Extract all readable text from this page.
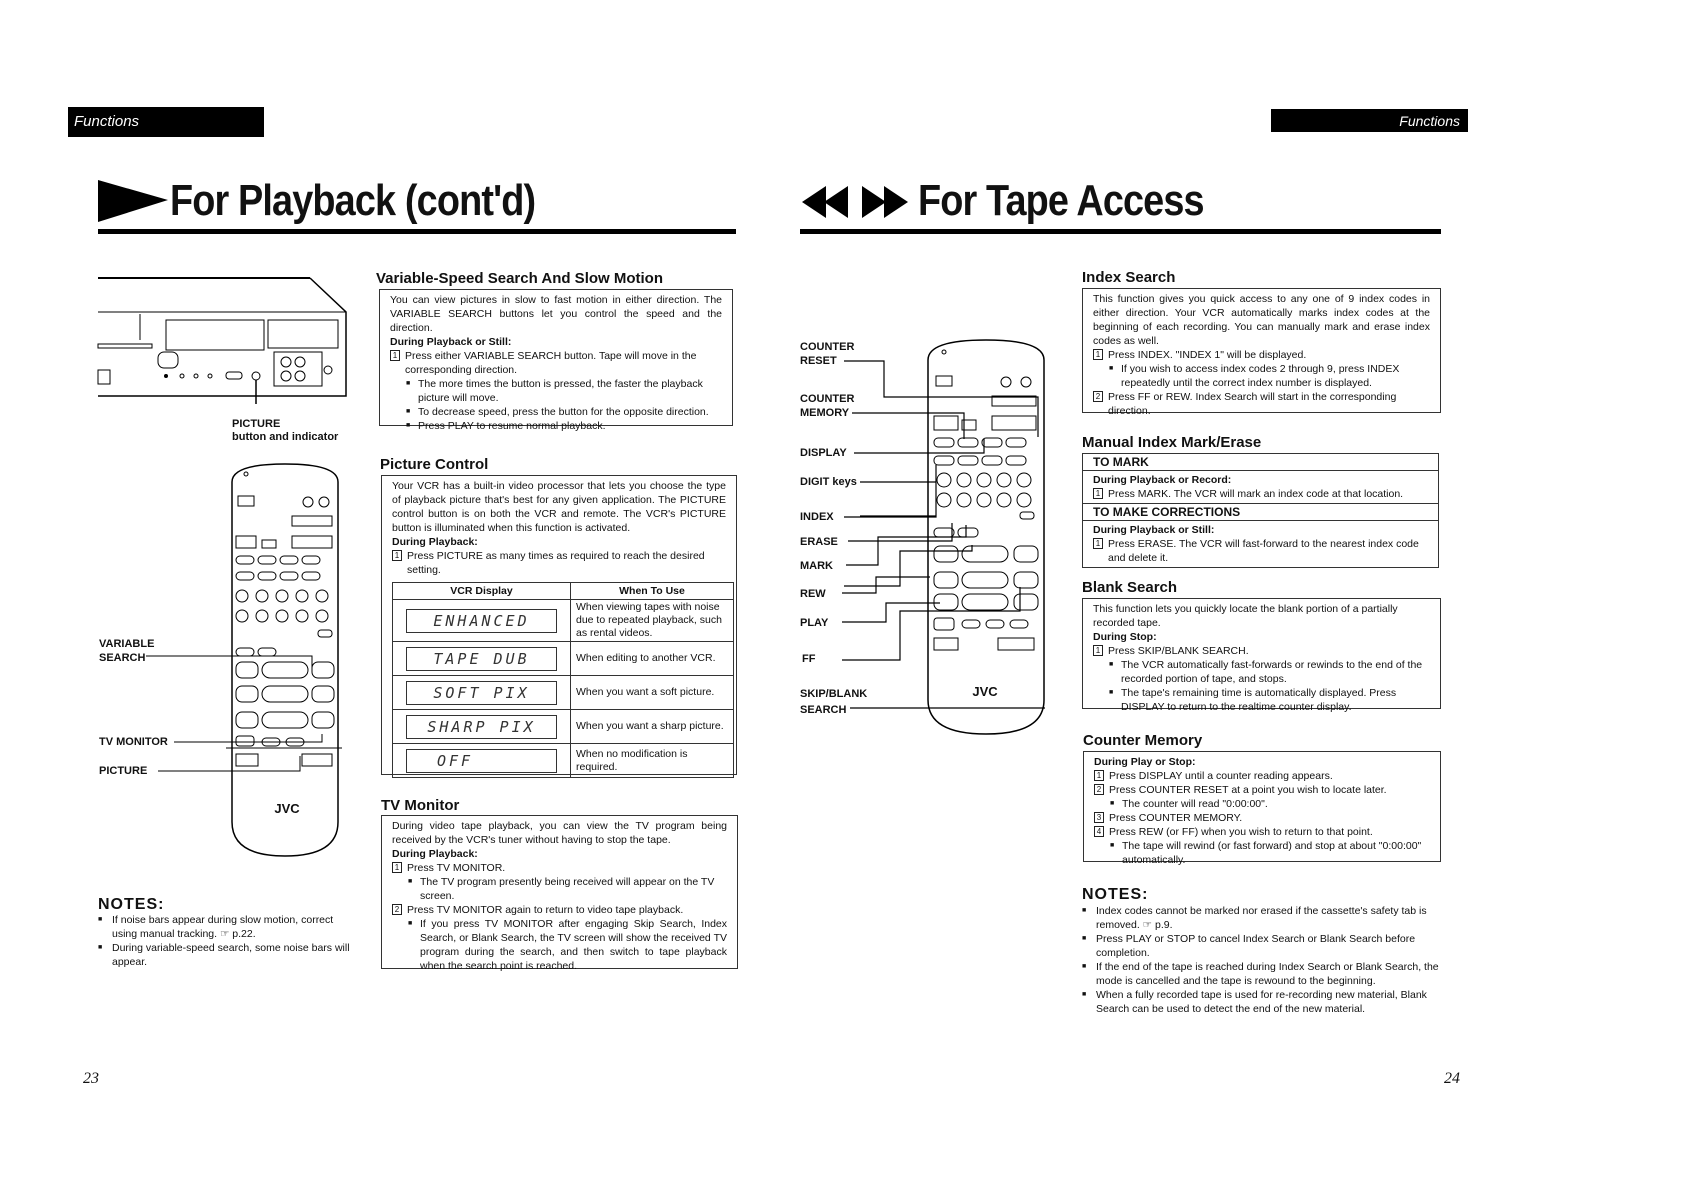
Functions	Functions
For Playback (cont'd)	For Tape Access
PICTURE
button and indicator
JVC
VARIABLE
SEARCH
TV MONITOR
PICTURE
NOTES:
■ If noise bars appear during slow motion, correct using manual tracking. ☞ p.22.
■ During variable-speed search, some noise bars will appear.
23
Variable-Speed Search And Slow Motion

You can view pictures in slow to fast motion in either direction. The VARIABLE SEARCH buttons let you control the speed and the direction.

During Playback or Still:

1 Press either VARIABLE SEARCH button. Tape will move in the corresponding direction.
■ The more times the button is pressed, the faster the playback picture will move.
■ To decrease speed, press the button for the opposite direction.
■ Press PLAY to resume normal playback.
Picture Control

Your VCR has a built-in video processor that lets you choose the type of playback picture that's best for any given application. The PICTURE control button is on both the VCR and remote. The VCR's PICTURE button is illuminated when this function is activated.

During Playback:

1 Press PICTURE as many times as required to reach the desired setting.
VCR Display	When To Use

ENHANCED	When viewing tapes with noise due to repeated playback, such as rental videos.

TAPE DUB	When editing to another VCR.

SOFT PIX	When you want a soft picture.

SHARP PIX	When you want a sharp picture.

OFF	When no modification is required.
TV Monitor

During video tape playback, you can view the TV program being received by the VCR's tuner without having to stop the tape.

During Playback:

1 Press TV MONITOR.
■ The TV program presently being received will appear on the TV screen.
2 Press TV MONITOR again to return to video tape playback.
■ If you press TV MONITOR after engaging Skip Search, Index Search, or Blank Search, the TV screen will show the received TV program during the search, and then switch to tape playback when the search point is reached.
COUNTER
RESET
COUNTER
MEMORY
DISPLAY
DIGIT keys
INDEX
ERASE
MARK
REW
PLAY
FF
SKIP/BLANK
SEARCH
JVC
Index Search

This function gives you quick access to any one of 9 index codes in either direction. Your VCR automatically marks index codes at the beginning of each recording. You can manually mark and erase index codes as well.

1 Press INDEX. "INDEX 1" will be displayed.
■ If you wish to access index codes 2 through 9, press INDEX repeatedly until the correct index number is displayed.
2 Press FF or REW. Index Search will start in the corresponding direction.
Manual Index Mark/Erase
TO MARK
During Playback or Record:
1 Press MARK. The VCR will mark an index code at that location.
TO MAKE CORRECTIONS
During Playback or Still:
1 Press ERASE. The VCR will fast-forward to the nearest index code and delete it.
Blank Search

This function lets you quickly locate the blank portion of a partially recorded tape.

During Stop:

1 Press SKIP/BLANK SEARCH.
■ The VCR automatically fast-forwards or rewinds to the end of the recorded portion of tape, and stops.
■ The tape's remaining time is automatically displayed. Press DISPLAY to return to the realtime counter display.
Counter Memory

During Play or Stop:

1 Press DISPLAY until a counter reading appears.
2 Press COUNTER RESET at a point you wish to locate later.
■ The counter will read "0:00:00".
3 Press COUNTER MEMORY.
4 Press REW (or FF) when you wish to return to that point.
■ The tape will rewind (or fast forward) and stop at about "0:00:00" automatically.
NOTES:
■ Index codes cannot be marked nor erased if the cassette's safety tab is removed. ☞ p.9.
■ Press PLAY or STOP to cancel Index Search or Blank Search before completion.
■ If the end of the tape is reached during Index Search or Blank Search, the mode is cancelled and the tape is rewound to the beginning.
■ When a fully recorded tape is used for re-recording new material, Blank Search can be used to detect the end of the new material.
24
